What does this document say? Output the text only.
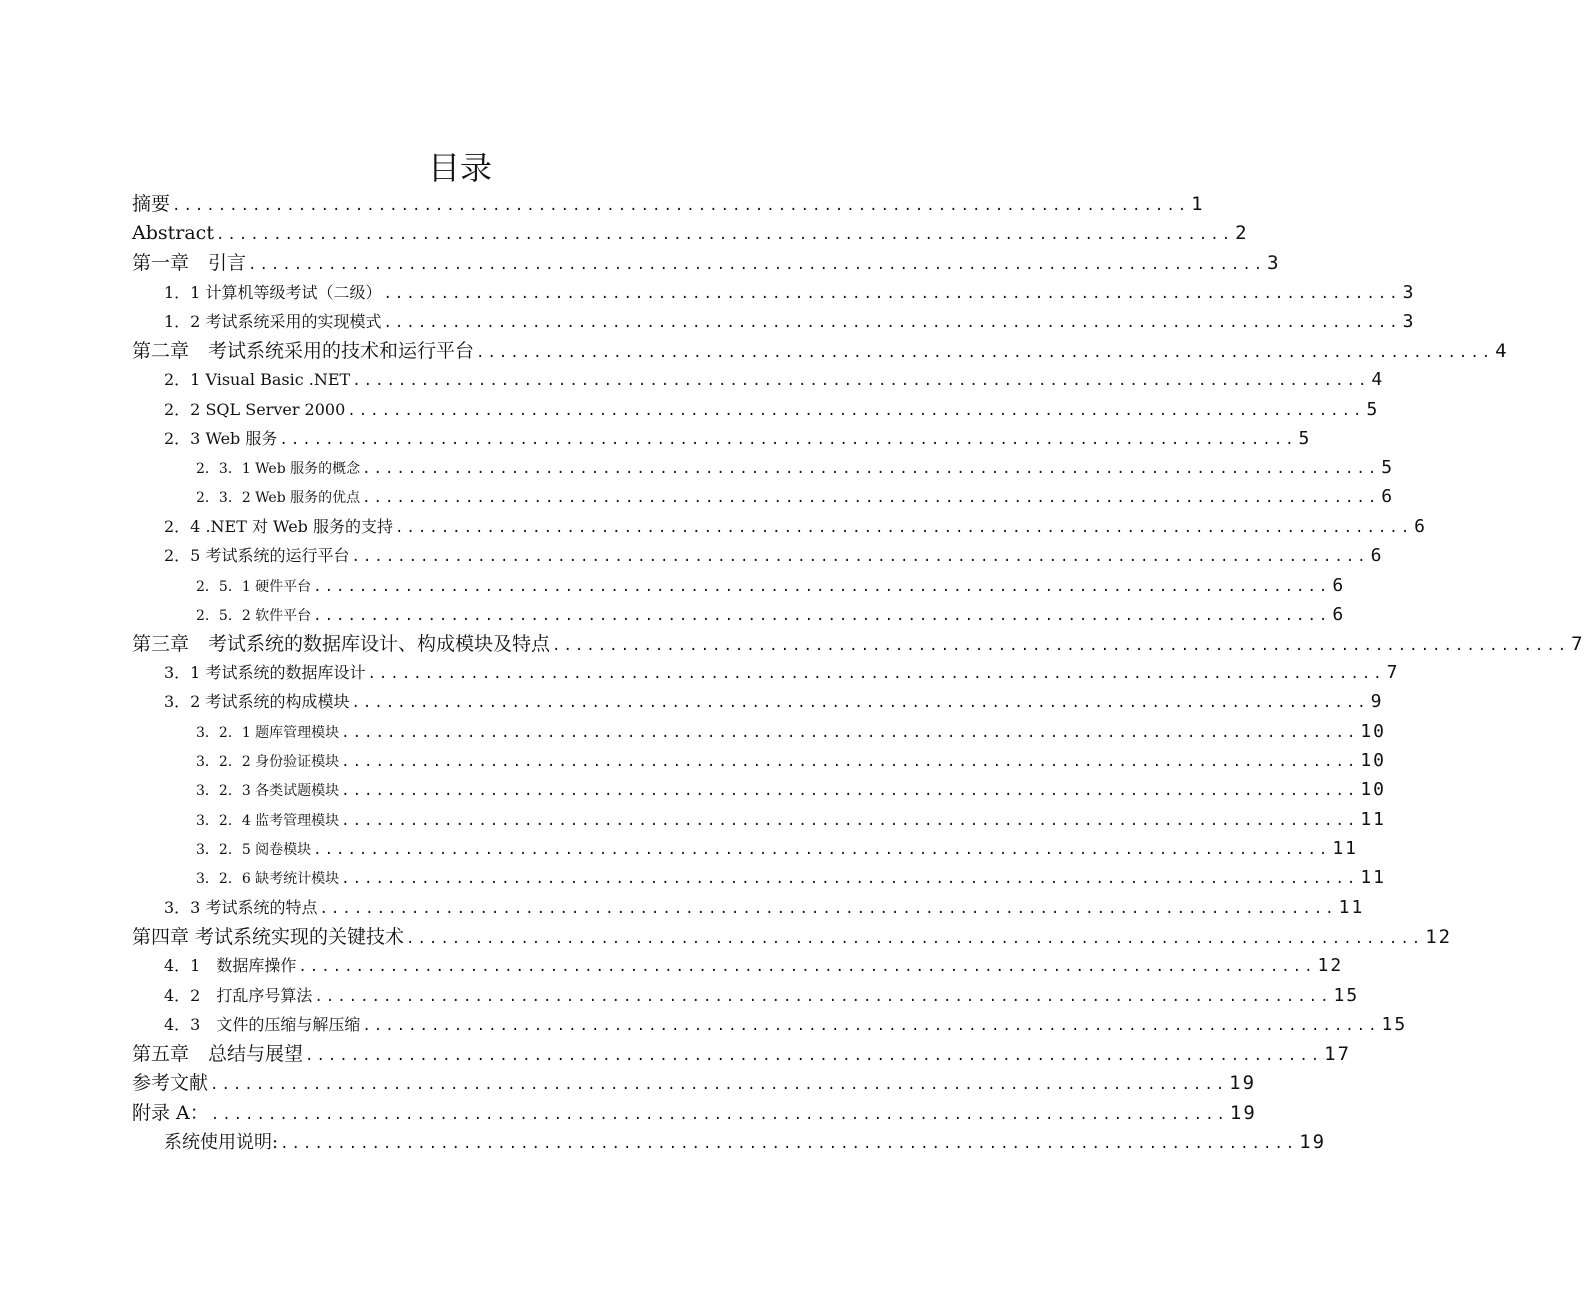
目录
摘要 ......................................................................................... 1
Abstract ......................................................................................... 2
第一章　引言 ......................................................................................... 3
1．1 计算机等级考试（二级） ......................................................................................... 3
1．2 考试系统采用的实现模式 ......................................................................................... 3
第二章　考试系统采用的技术和运行平台 ......................................................................................... 4
2．1 Visual Basic .NET ......................................................................................... 4
2．2 SQL Server 2000 ......................................................................................... 5
2．3 Web 服务 ......................................................................................... 5
2．3．1 Web 服务的概念 ......................................................................................... 5
2．3．2 Web 服务的优点 ......................................................................................... 6
2．4 .NET 对 Web 服务的支持 ......................................................................................... 6
2．5 考试系统的运行平台 ......................................................................................... 6
2．5．1 硬件平台 ......................................................................................... 6
2．5．2 软件平台 ......................................................................................... 6
第三章　考试系统的数据库设计、构成模块及特点 ......................................................................................... 7
3．1 考试系统的数据库设计 ......................................................................................... 7
3．2 考试系统的构成模块 ......................................................................................... 9
3．2．1 题库管理模块 ......................................................................................... 10
3．2．2 身份验证模块 ......................................................................................... 10
3．2．3 各类试题模块 ......................................................................................... 10
3．2．4 监考管理模块 ......................................................................................... 11
3．2．5 阅卷模块 ......................................................................................... 11
3．2．6 缺考统计模块 ......................................................................................... 11
3．3 考试系统的特点 ......................................................................................... 11
第四章 考试系统实现的关键技术 ......................................................................................... 12
4．1　数据库操作 ......................................................................................... 12
4．2　打乱序号算法 ......................................................................................... 15
4．3　文件的压缩与解压缩 ......................................................................................... 15
第五章　总结与展望 ......................................................................................... 17
参考文献 ......................................................................................... 19
附录 A： ......................................................................................... 19
系统使用说明: ......................................................................................... 19
